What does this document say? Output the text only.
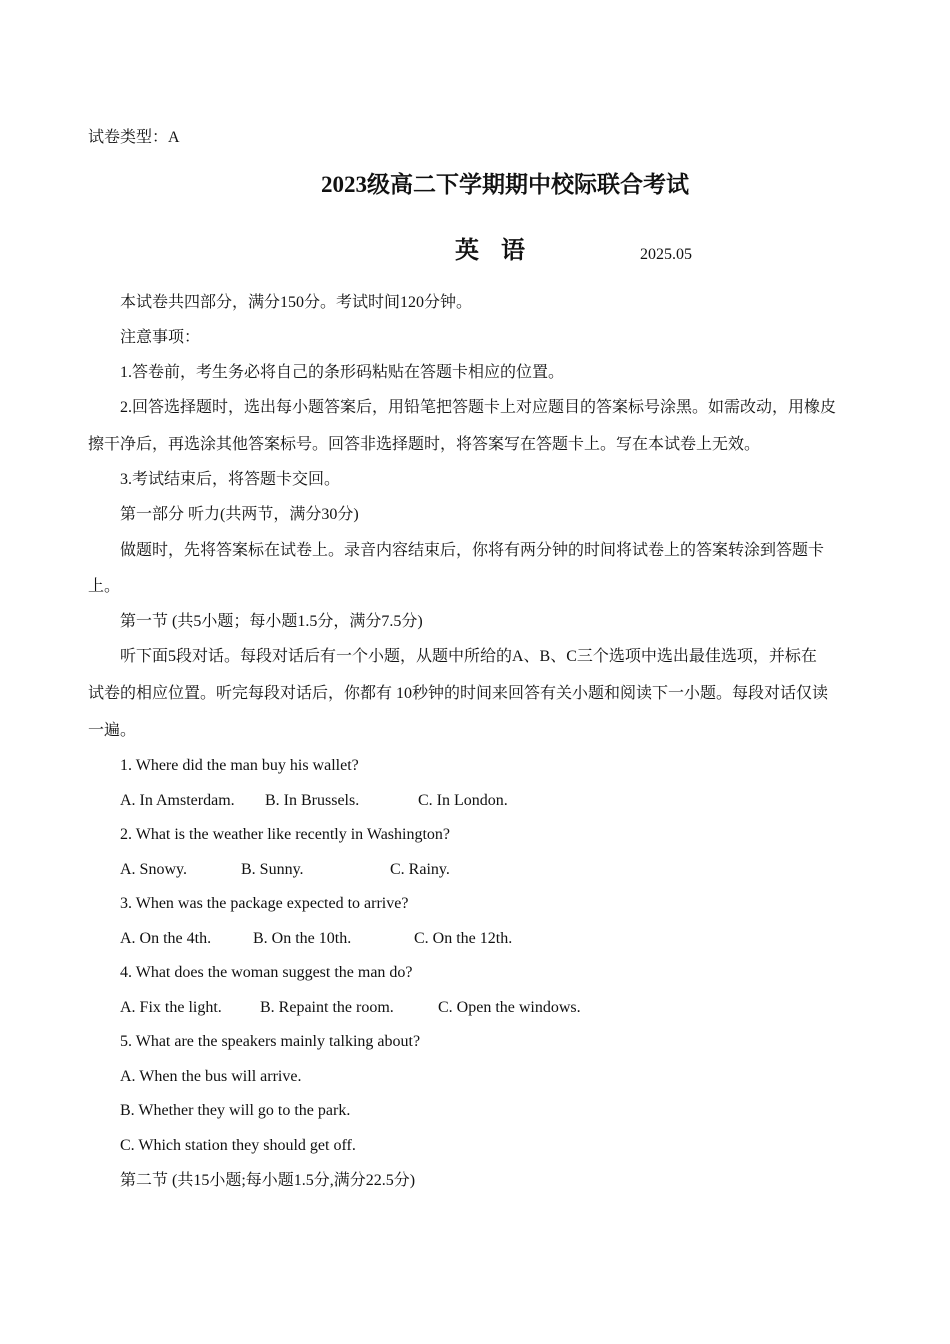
试卷类型：A
2023级高二下学期期中校际联合考试
英 语	2025.05
本试卷共四部分，满分150分。考试时间120分钟。
注意事项：
1.答卷前，考生务必将自己的条形码粘贴在答题卡相应的位置。
2.回答选择题时，选出每小题答案后，用铅笔把答题卡上对应题目的答案标号涂黑。如需改动，用橡皮
擦干净后，再选涂其他答案标号。回答非选择题时，将答案写在答题卡上。写在本试卷上无效。
3.考试结束后，将答题卡交回。
第一部分 听力(共两节，满分30分)
做题时，先将答案标在试卷上。录音内容结束后，你将有两分钟的时间将试卷上的答案转涂到答题卡
上。
第一节 (共5小题；每小题1.5分，满分7.5分)
听下面5段对话。每段对话后有一个小题，从题中所给的A、B、C三个选项中选出最佳选项，并标在
试卷的相应位置。听完每段对话后，你都有 10秒钟的时间来回答有关小题和阅读下一小题。每段对话仅读
一遍。
1. Where did the man buy his wallet?
A. In Amsterdam. B. In Brussels.	C. In London.
2. What is the weather like recently in Washington?
A. Snowy.	B. Sunny.	C. Rainy.
3. When was the package expected to arrive?
A. On the 4th.	B. On the 10th.	C. On the 12th.
4. What does the woman suggest the man do?
A. Fix the light. B. Repaint the room.	C. Open the windows.
5. What are the speakers mainly talking about?
A. When the bus will arrive.
B. Whether they will go to the park.
C. Which station they should get off.
第二节 (共15小题;每小题1.5分,满分22.5分)
